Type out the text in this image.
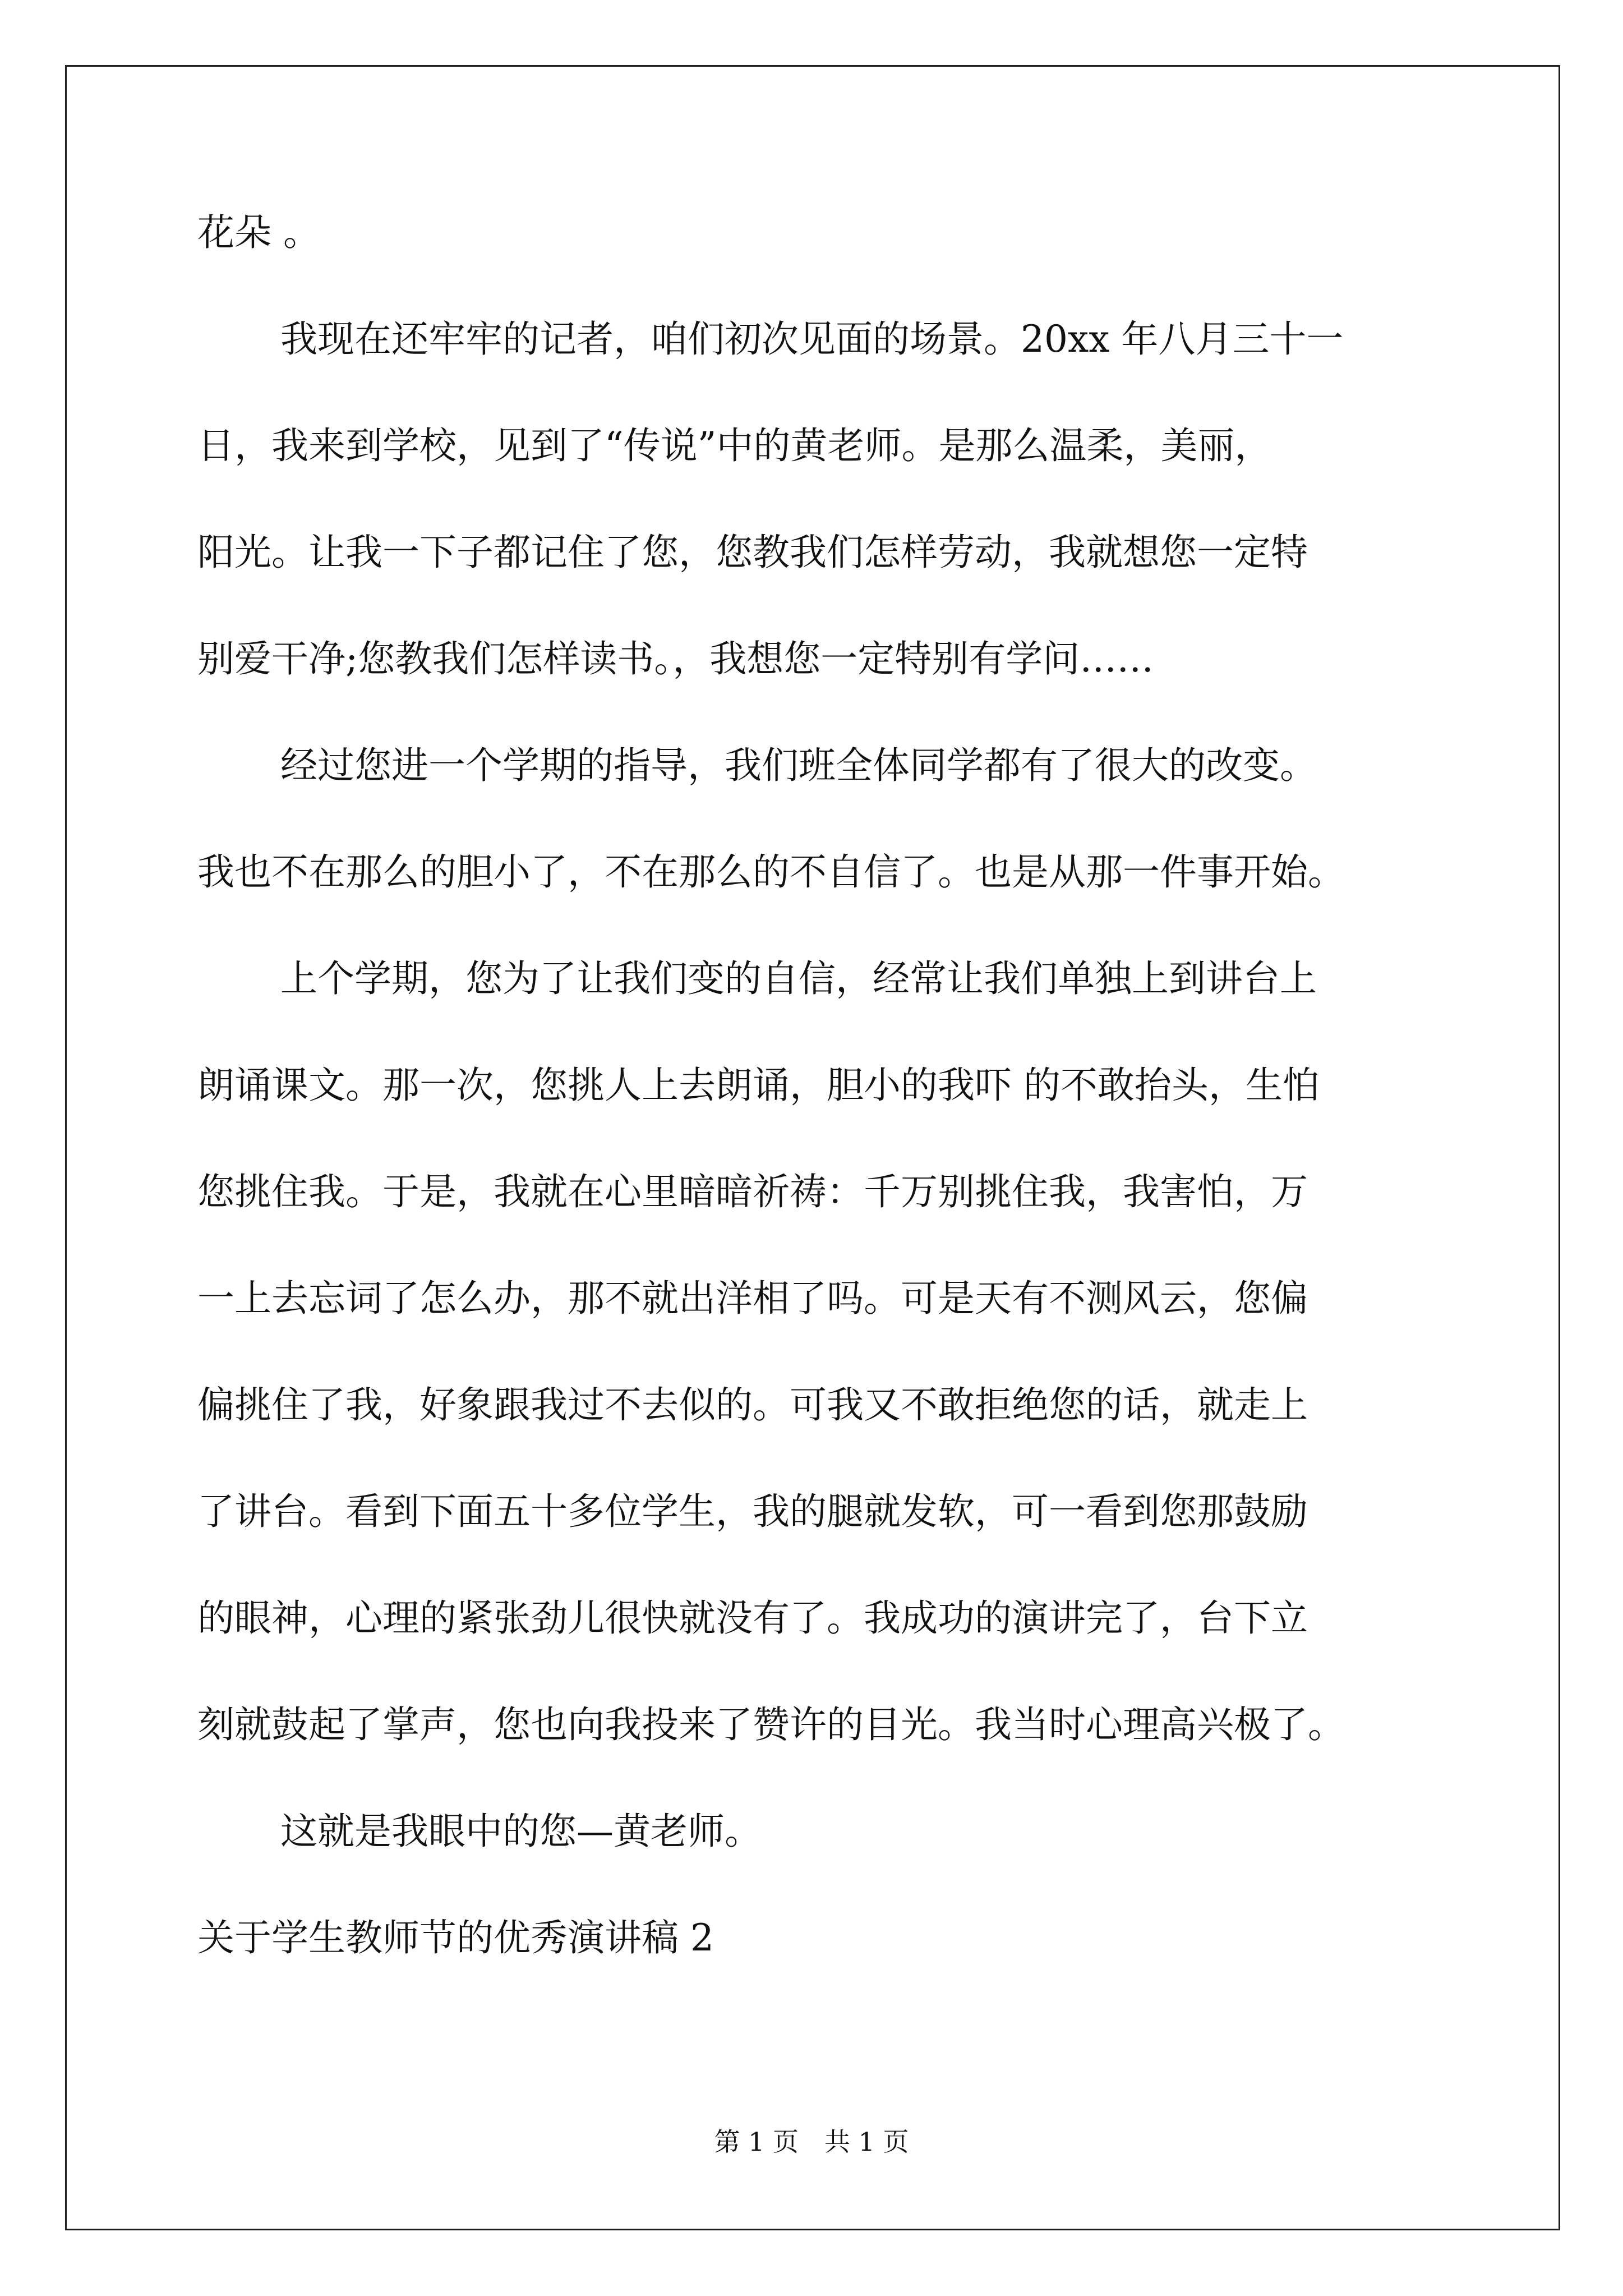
花朵 。
我现在还牢牢的记者，咱们初次见面的场景。20xx 年八月三十一
日，我来到学校，见到了“传说”中的黄老师。是那么温柔，美丽，
阳光。让我一下子都记住了您，您教我们怎样劳动，我就想您一定特
别爱干净;您教我们怎样读书。，我想您一定特别有学问……
经过您进一个学期的指导，我们班全体同学都有了很大的改变。
我也不在那么的胆小了，不在那么的不自信了。也是从那一件事开始。
上个学期，您为了让我们变的自信，经常让我们单独上到讲台上
朗诵课文。那一次，您挑人上去朗诵，胆小的我吓 的不敢抬头，生怕
您挑住我。于是，我就在心里暗暗祈祷：千万别挑住我，我害怕，万
一上去忘词了怎么办，那不就出洋相了吗。可是天有不测风云，您偏
偏挑住了我，好象跟我过不去似的。可我又不敢拒绝您的话，就走上
了讲台。看到下面五十多位学生，我的腿就发软，可一看到您那鼓励
的眼神，心理的紧张劲儿很快就没有了。我成功的演讲完了，台下立
刻就鼓起了掌声，您也向我投来了赞许的目光。我当时心理高兴极了。
这就是我眼中的您—黄老师。
关于学生教师节的优秀演讲稿 2
第 1 页　共 1 页
